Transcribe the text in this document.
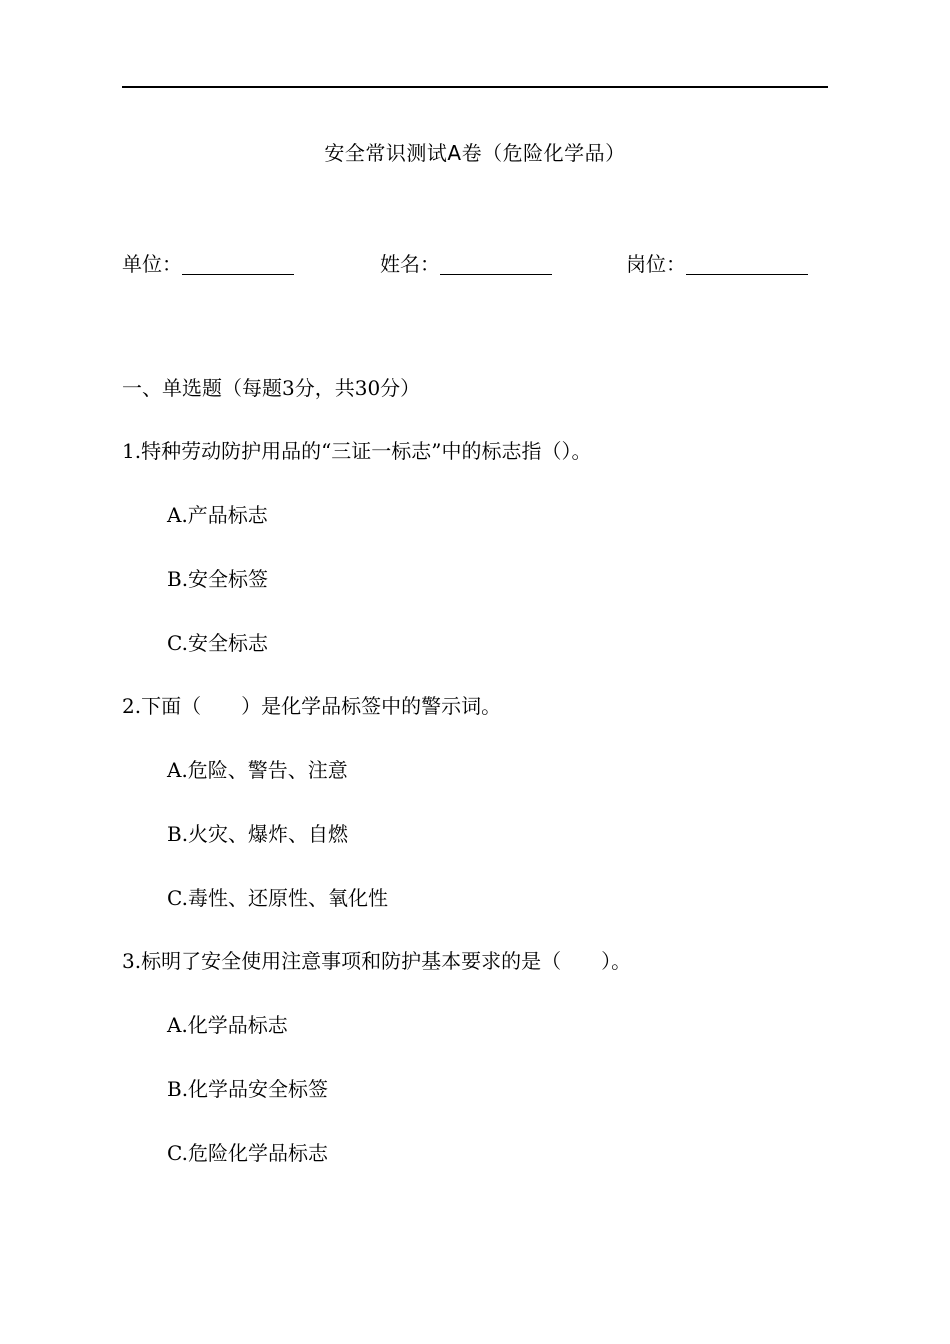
安全常识测试A卷（危险化学品）
单位：	姓名：	岗位：
一、单选题（每题3分，共30分）
1.特种劳动防护用品的“三证一标志”中的标志指（）。
A.产品标志
B.安全标签
C.安全标志
2.下面（　　）是化学品标签中的警示词。
A.危险、警告、注意
B.火灾、爆炸、自燃
C.毒性、还原性、氧化性
3.标明了安全使用注意事项和防护基本要求的是（　　）。
A.化学品标志
B.化学品安全标签
C.危险化学品标志
